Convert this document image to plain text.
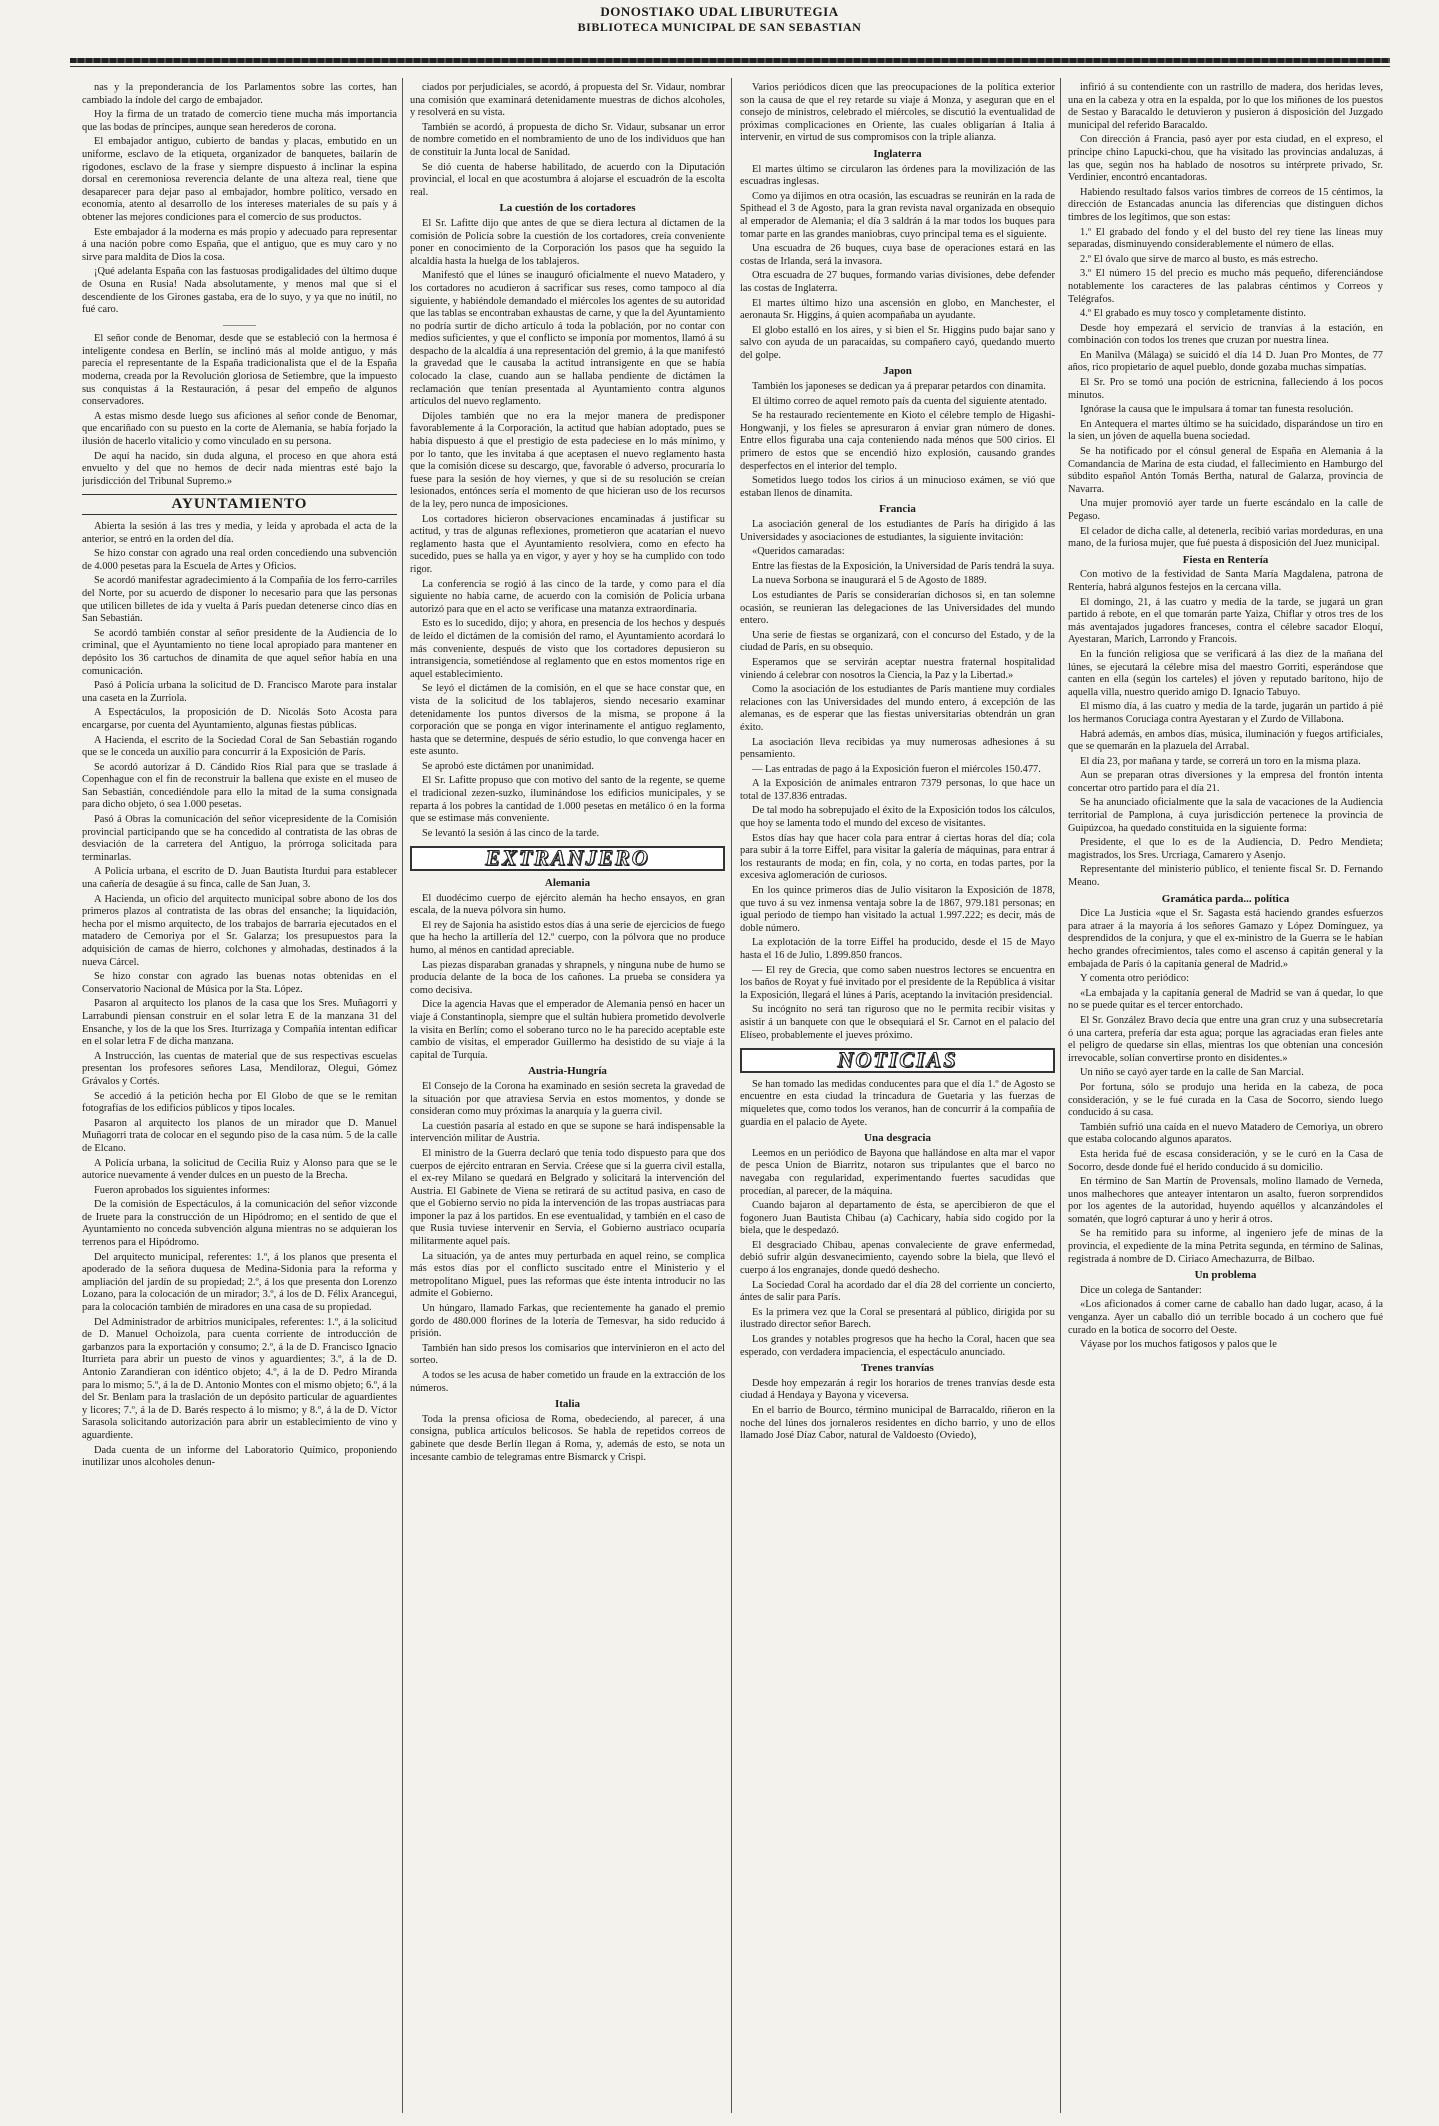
DONOSTIAKO UDAL LIBURUTEGIA
BIBLIOTECA MUNICIPAL DE SAN SEBASTIAN

nas y la preponderancia de los Parlamentos sobre las cortes, han cambiado la índole del cargo de embajador.

Hoy la firma de un tratado de comercio tiene mucha más importancia que las bodas de príncipes, aunque sean herederos de corona.

El embajador antiguo, cubierto de bandas y placas, embutido en un uniforme, esclavo de la etiqueta, organizador de banquetes, bailarín de rigodones, esclavo de la frase y siempre dispuesto á inclinar la espina dorsal en ceremoniosa reverencia delante de una alteza real, tiene que desaparecer para dejar paso al embajador, hombre político, versado en economía, atento al desarrollo de los intereses materiales de su país y á obtener las mejores condiciones para el comercio de sus productos.

Este embajador á la moderna es más propio y adecuado para representar á una nación pobre como España, que el antiguo, que es muy caro y no sirve para maldita de Dios la cosa.

¡Qué adelanta España con las fastuosas prodigalidades del último duque de Osuna en Rusia! Nada absolutamente, y menos mal que si el descendiente de los Girones gastaba, era de lo suyo, y ya que no inútil, no fué caro.

———

El señor conde de Benomar, desde que se estableció con la hermosa é inteligente condesa en Berlín, se inclinó más al molde antiguo, y más parecía el representante de la España tradicionalista que el de la España moderna, creada por la Revolución gloriosa de Setiembre, que la impuesto sus conquistas á la Restauración, á pesar del empeño de algunos conservadores.

A estas mismo desde luego sus aficiones al señor conde de Benomar, que encariñado con su puesto en la corte de Alemania, se había forjado la ilusión de hacerlo vitalicio y como vinculado en su persona.

De aquí ha nacido, sin duda alguna, el proceso en que ahora está envuelto y del que no hemos de decir nada mientras esté bajo la jurisdicción del Tribunal Supremo.»

AYUNTAMIENTO

Abierta la sesión á las tres y media, y leída y aprobada el acta de la anterior, se entró en la orden del día.

Se hizo constar con agrado una real orden concediendo una subvención de 4.000 pesetas para la Escuela de Artes y Oficios.

Se acordó manifestar agradecimiento á la Compañía de los ferro-carriles del Norte, por su acuerdo de disponer lo necesario para que las personas que utilicen billetes de ida y vuelta á París puedan detenerse cinco días en San Sebastián.

Se acordó también constar al señor presidente de la Audiencia de lo criminal, que el Ayuntamiento no tiene local apropiado para mantener en depósito los 36 cartuchos de dinamita de que aquel señor había en una comunicación.

Pasó á Policía urbana la solicitud de D. Francisco Marote para instalar una caseta en la Zurriola.

A Espectáculos, la proposición de D. Nicolás Soto Acosta para encargarse, por cuenta del Ayuntamiento, algunas fiestas públicas.

A Hacienda, el escrito de la Sociedad Coral de San Sebastián rogando que se le conceda un auxilio para concurrir á la Exposición de París.

Se acordó autorizar á D. Cándido Ríos Rial para que se traslade á Copenhague con el fin de reconstruir la ballena que existe en el museo de San Sebastián, concediéndole para ello la mitad de la suma consignada para dicho objeto, ó sea 1.000 pesetas.

Pasó á Obras la comunicación del señor vicepresidente de la Comisión provincial participando que se ha concedido al contratista de las obras de desviación de la carretera del Antiguo, la prórroga solicitada para terminarlas.

A Policía urbana, el escrito de D. Juan Bautista Iturdui para establecer una cañería de desagüe á su finca, calle de San Juan, 3.

A Hacienda, un oficio del arquitecto municipal sobre abono de los dos primeros plazos al contratista de las obras del ensanche; la liquidación, hecha por el mismo arquitecto, de los trabajos de barraria ejecutados en el matadero de Cemoriya por el Sr. Galarza; los presupuestos para la adquisición de camas de hierro, colchones y almohadas, destinados á la nueva Cárcel.

Se hizo constar con agrado las buenas notas obtenidas en el Conservatorio Nacional de Música por la Sta. López.

Pasaron al arquitecto los planos de la casa que los Sres. Muñagorri y Larrabundi piensan construir en el solar letra E de la manzana 31 del Ensanche, y los de la que los Sres. Iturrizaga y Compañía intentan edificar en el solar letra F de dicha manzana.

A Instrucción, las cuentas de material que de sus respectivas escuelas presentan los profesores señores Lasa, Mendiloraz, Olegui, Gómez Grávalos y Cortés.

Se accedió á la petición hecha por El Globo de que se le remitan fotografías de los edificios públicos y tipos locales.

Pasaron al arquitecto los planos de un mirador que D. Manuel Muñagorri trata de colocar en el segundo piso de la casa núm. 5 de la calle de Elcano.

A Policía urbana, la solicitud de Cecilia Ruiz y Alonso para que se le autorice nuevamente á vender dulces en un puesto de la Brecha.

Fueron aprobados los siguientes informes:

De la comisión de Espectáculos, á la comunicación del señor vizconde de Iruete para la construcción de un Hipódromo; en el sentido de que el Ayuntamiento no conceda subvención alguna mientras no se adquieran los terrenos para el Hipódromo.

Del arquitecto municipal, referentes: 1.º, á los planos que presenta el apoderado de la señora duquesa de Medina-Sidonia para la reforma y ampliación del jardín de su propiedad; 2.º, á los que presenta don Lorenzo Lozano, para la colocación de un mirador; 3.º, á los de D. Félix Arancegui, para la colocación también de miradores en una casa de su propiedad.

Del Administrador de arbitrios municipales, referentes: 1.º, á la solicitud de D. Manuel Ochoizola, para cuenta corriente de introducción de garbanzos para la exportación y consumo; 2.º, á la de D. Francisco Ignacio Iturrieta para abrir un puesto de vinos y aguardientes; 3.º, á la de D. Antonio Zarandieran con idéntico objeto; 4.º, á la de D. Pedro Miranda para lo mismo; 5.º, á la de D. Antonio Montes con el mismo objeto; 6.º, á la del Sr. Benlam para la traslación de un depósito particular de aguardientes y licores; 7.º, á la de D. Barés respecto á lo mismo; y 8.º, á la de D. Víctor Sarasola solicitando autorización para abrir un establecimiento de vino y aguardiente.

Dada cuenta de un informe del Laboratorio Químico, proponiendo inutilizar unos alcoholes denun-

ciados por perjudiciales, se acordó, á propuesta del Sr. Vidaur, nombrar una comisión que examinará detenidamente muestras de dichos alcoholes, y resolverá en su vista.

También se acordó, á propuesta de dicho Sr. Vidaur, subsanar un error de nombre cometido en el nombramiento de uno de los individuos que han de constituir la Junta local de Sanidad.

Se dió cuenta de haberse habilitado, de acuerdo con la Diputación provincial, el local en que acostumbra á alojarse el escuadrón de la escolta real.

La cuestión de los cortadores

El Sr. Lafitte dijo que antes de que se diera lectura al dictamen de la comisión de Policía sobre la cuestión de los cortadores, creía conveniente poner en conocimiento de la Corporación los pasos que ha seguido la alcaldía hasta la huelga de los tablajeros.

Manifestó que el lúnes se inauguró oficialmente el nuevo Matadero, y los cortadores no acudieron á sacrificar sus reses, como tampoco al día siguiente, y habiéndole demandado el miércoles los agentes de su autoridad que las tablas se encontraban exhaustas de carne, y que la del Ayuntamiento no podría surtir de dicho artículo á toda la población, por no contar con medios suficientes, y que el conflicto se imponía por momentos, llamó á su despacho de la alcaldía á una representación del gremio, á la que manifestó la gravedad que le causaba la actitud intransigente en que se había colocado la clase, cuando aun se hallaba pendiente de dictámen la reclamación que tenían presentada al Ayuntamiento contra algunos artículos del nuevo reglamento.

Díjoles también que no era la mejor manera de predisponer favorablemente á la Corporación, la actitud que habían adoptado, pues se había dispuesto á que el prestigio de esta padeciese en lo más mínimo, y por lo tanto, que les invitaba á que aceptasen el nuevo reglamento hasta que la comisión dicese su descargo, que, favorable ó adverso, procuraría lo fuese para la sesión de hoy viernes, y que si de su resolución se creían lesionados, entónces sería el momento de que hicieran uso de los recursos de la ley, pero nunca de imposiciones.

Los cortadores hicieron observaciones encaminadas á justificar su actitud, y tras de algunas reflexiones, prometieron que acatarían el nuevo reglamento hasta que el Ayuntamiento resolviera, como en efecto ha sucedido, pues se halla ya en vigor, y ayer y hoy se ha cumplido con todo rigor.

La conferencia se rogió á las cinco de la tarde, y como para el día siguiente no había carne, de acuerdo con la comisión de Policía urbana autorizó para que en el acto se verificase una matanza extraordinaria.

Esto es lo sucedido, dijo; y ahora, en presencia de los hechos y después de leído el dictámen de la comisión del ramo, el Ayuntamiento acordará lo más conveniente, después de visto que los cortadores depusieron su intransigencia, sometiéndose al reglamento que en estos momentos rige en aquel establecimiento.

Se leyó el dictámen de la comisión, en el que se hace constar que, en vista de la solicitud de los tablajeros, siendo necesario examinar detenidamente los puntos diversos de la misma, se propone á la corporación que se ponga en vigor interinamente el antiguo reglamento, hasta que se determine, después de sério estudio, lo que convenga hacer en este asunto.

Se aprobó este dictámen por unanimidad.

El Sr. Lafitte propuso que con motivo del santo de la regente, se queme el tradicional zezen-suzko, iluminándose los edificios municipales, y se reparta á los pobres la cantidad de 1.000 pesetas en metálico ó en la forma que se estimase más conveniente.

Se levantó la sesión á las cinco de la tarde.

EXTRANJERO
Alemania

El duodécimo cuerpo de ejército alemán ha hecho ensayos, en gran escala, de la nueva pólvora sin humo.

El rey de Sajonia ha asistido estos días á una serie de ejercicios de fuego que ha hecho la artillería del 12.º cuerpo, con la pólvora que no produce humo, al ménos en cantidad apreciable.

Las piezas disparaban granadas y shrapnels, y ninguna nube de humo se producía delante de la boca de los cañones. La prueba se considera ya como decisiva.

Dice la agencia Havas que el emperador de Alemania pensó en hacer un viaje á Constantinopla, siempre que el sultán hubiera prometido devolverle la visita en Berlín; como el soberano turco no le ha parecido aceptable este cambio de visitas, el emperador Guillermo ha desistido de su viaje á la capital de Turquía.

Austria-Hungría

El Consejo de la Corona ha examinado en sesión secreta la gravedad de la situación por que atraviesa Servia en estos momentos, y donde se consideran como muy próximas la anarquía y la guerra civil.

La cuestión pasaría al estado en que se supone se hará indispensable la intervención militar de Austria.

El ministro de la Guerra declaró que tenía todo dispuesto para que dos cuerpos de ejército entraran en Servia. Créese que si la guerra civil estalla, el ex-rey Milano se quedará en Belgrado y solicitará la intervención del Austria. El Gabinete de Viena se retirará de su actitud pasiva, en caso de que el Gobierno servio no pida la intervención de las tropas austriacas para imponer la paz á los partidos. En ese eventualidad, y también en el caso de que Rusia tuviese intervenir en Servia, el Gobierno austriaco ocuparía militarmente aquel país.

La situación, ya de antes muy perturbada en aquel reino, se complica más estos días por el conflicto suscitado entre el Ministerio y el metropolitano Miguel, pues las reformas que éste intenta introducir no las admite el Gobierno.

Un húngaro, llamado Farkas, que recientemente ha ganado el premio gordo de 480.000 florines de la lotería de Temesvar, ha sido reducido á prisión.

También han sido presos los comisarios que intervinieron en el acto del sorteo.

A todos se les acusa de haber cometido un fraude en la extracción de los números.

Italia

Toda la prensa oficiosa de Roma, obedeciendo, al parecer, á una consigna, publica artículos belicosos. Se habla de repetidos correos de gabinete que desde Berlín llegan á Roma, y, además de esto, se nota un incesante cambio de telegramas entre Bismarck y Crispi.

Varios periódicos dicen que las preocupaciones de la política exterior son la causa de que el rey retarde su viaje á Monza, y aseguran que en el consejo de ministros, celebrado el miércoles, se discutió la eventualidad de próximas complicaciones en Oriente, las cuales obligarían á Italia á intervenir, en virtud de sus compromisos con la triple alianza.

Inglaterra

El martes último se circularon las órdenes para la movilización de las escuadras inglesas.

Como ya dijimos en otra ocasión, las escuadras se reunirán en la rada de Spithead el 3 de Agosto, para la gran revista naval organizada en obsequio al emperador de Alemania; el día 3 saldrán á la mar todos los buques para tomar parte en las grandes maniobras, cuyo principal tema es el siguiente.

Una escuadra de 26 buques, cuya base de operaciones estará en las costas de Irlanda, será la invasora.

Otra escuadra de 27 buques, formando varias divisiones, debe defender las costas de Inglaterra.

El martes último hizo una ascensión en globo, en Manchester, el aeronauta Sr. Higgins, á quien acompañaba un ayudante.

El globo estalló en los aires, y si bien el Sr. Higgins pudo bajar sano y salvo con ayuda de un paracaídas, su compañero cayó, quedando muerto del golpe.

Japon

También los japoneses se dedican ya á preparar petardos con dinamita.

El último correo de aquel remoto país da cuenta del siguiente atentado.

Se ha restaurado recientemente en Kioto el célebre templo de Higashi-Hongwanji, y los fieles se apresuraron á enviar gran número de dones. Entre ellos figuraba una caja conteniendo nada ménos que 500 cirios. El primero de estos que se encendió hizo explosión, causando grandes desperfectos en el interior del templo.

Sometidos luego todos los cirios á un minucioso exámen, se vió que estaban llenos de dinamita.

Francia

La asociación general de los estudiantes de París ha dirigido á las Universidades y asociaciones de estudiantes, la siguiente invitación:

«Queridos camaradas:

Entre las fiestas de la Exposición, la Universidad de París tendrá la suya.

La nueva Sorbona se inaugurará el 5 de Agosto de 1889.

Los estudiantes de París se considerarían dichosos si, en tan solemne ocasión, se reunieran las delegaciones de las Universidades del mundo entero.

Una serie de fiestas se organizará, con el concurso del Estado, y de la ciudad de París, en su obsequio.

Esperamos que se servirán aceptar nuestra fraternal hospitalidad viniendo á celebrar con nosotros la Ciencia, la Paz y la Libertad.»

Como la asociación de los estudiantes de París mantiene muy cordiales relaciones con las Universidades del mundo entero, á excepción de las alemanas, es de esperar que las fiestas universitarias obtendrán un gran éxito.

La asociación lleva recibidas ya muy numerosas adhesiones á su pensamiento.

— Las entradas de pago á la Exposición fueron el miércoles 150.477.

A la Exposición de animales entraron 7379 personas, lo que hace un total de 137.836 entradas.

De tal modo ha sobrepujado el éxito de la Exposición todos los cálculos, que hoy se lamenta todo el mundo del exceso de visitantes.

Estos días hay que hacer cola para entrar á ciertas horas del día; cola para subir á la torre Eiffel, para visitar la galería de máquinas, para entrar á los restaurants de moda; en fin, cola, y no corta, en todas partes, por la excesiva aglomeración de curiosos.

En los quince primeros días de Julio visitaron la Exposición de 1878, que tuvo á su vez inmensa ventaja sobre la de 1867, 979.181 personas; en igual periodo de tiempo han visitado la actual 1.997.222; es decir, más de doble número.

La explotación de la torre Eiffel ha producido, desde el 15 de Mayo hasta el 16 de Julio, 1.899.850 francos.

— El rey de Grecia, que como saben nuestros lectores se encuentra en los baños de Royat y fué invitado por el presidente de la República á visitar la Exposición, llegará el lúnes á París, aceptando la invitación presidencial.

Su incógnito no será tan riguroso que no le permita recibir visitas y asistir á un banquete con que le obsequiará el Sr. Carnot en el palacio del Elíseo, probablemente el jueves próximo.

NOTICIAS

Se han tomado las medidas conducentes para que el día 1.º de Agosto se encuentre en esta ciudad la trincadura de Guetaria y las fuerzas de miqueletes que, como todos los veranos, han de concurrir á la compañía de guardia en el palacio de Ayete.

Una desgracia

Leemos en un periódico de Bayona que hallándose en alta mar el vapor de pesca Union de Biarritz, notaron sus tripulantes que el barco no navegaba con regularidad, experimentando fuertes sacudidas que procedían, al parecer, de la máquina.

Cuando bajaron al departamento de ésta, se apercibieron de que el fogonero Juan Bautista Chibau (a) Cachicary, había sido cogido por la biela, que le despedazó.

El desgraciado Chibau, apenas convaleciente de grave enfermedad, debió sufrir algún desvanecimiento, cayendo sobre la biela, que llevó el cuerpo á los engranajes, donde quedó deshecho.

La Sociedad Coral ha acordado dar el día 28 del corriente un concierto, ántes de salir para París.

Es la primera vez que la Coral se presentará al público, dirigida por su ilustrado director señor Barech.

Los grandes y notables progresos que ha hecho la Coral, hacen que sea esperado, con verdadera impaciencia, el espectáculo anunciado.

Trenes tranvías

Desde hoy empezarán á regir los horarios de trenes tranvías desde esta ciudad á Hendaya y Bayona y viceversa.

En el barrio de Bourco, término municipal de Barracaldo, riñeron en la noche del lúnes dos jornaleros residentes en dicho barrio, y uno de ellos llamado José Díaz Cabor, natural de Valdoesto (Oviedo),

infirió á su contendiente con un rastrillo de madera, dos heridas leves, una en la cabeza y otra en la espalda, por lo que los miñones de los puestos de Sestao y Baracaldo le detuvieron y pusieron á disposición del Juzgado municipal del referido Baracaldo.

Con dirección á Francia, pasó ayer por esta ciudad, en el expreso, el príncipe chino Lapucki-chou, que ha visitado las provincias andaluzas, á las que, según nos ha hablado de nosotros su intérprete privado, Sr. Verdinier, encontró encantadoras.

Habiendo resultado falsos varios timbres de correos de 15 céntimos, la dirección de Estancadas anuncia las diferencias que distinguen dichos timbres de los legítimos, que son estas:

1.º El grabado del fondo y el del busto del rey tiene las líneas muy separadas, disminuyendo considerablemente el número de ellas.

2.º El óvalo que sirve de marco al busto, es más estrecho.

3.º El número 15 del precio es mucho más pequeño, diferenciándose notablemente los caracteres de las palabras céntimos y Correos y Telégrafos.

4.º El grabado es muy tosco y completamente distinto.

Desde hoy empezará el servicio de tranvías á la estación, en combinación con todos los trenes que cruzan por nuestra línea.

En Manilva (Málaga) se suicidó el día 14 D. Juan Pro Montes, de 77 años, rico propietario de aquel pueblo, donde gozaba muchas simpatías.

El Sr. Pro se tomó una poción de estricnina, falleciendo á los pocos minutos.

Ignórase la causa que le impulsara á tomar tan funesta resolución.

En Antequera el martes último se ha suicidado, disparándose un tiro en la sien, un jóven de aquella buena sociedad.

Se ha notificado por el cónsul general de España en Alemania á la Comandancia de Marina de esta ciudad, el fallecimiento en Hamburgo del súbdito español Antón Tomás Bertha, natural de Galarza, provincia de Navarra.

Una mujer promovió ayer tarde un fuerte escándalo en la calle de Pegaso.

El celador de dicha calle, al detenerla, recibió varias mordeduras, en una mano, de la furiosa mujer, que fué puesta á disposición del Juez municipal.

Fiesta en Rentería

Con motivo de la festividad de Santa María Magdalena, patrona de Rentería, habrá algunos festejos en la cercana villa.

El domingo, 21, á las cuatro y media de la tarde, se jugará un gran partido á rebote, en el que tomarán parte Yaiza, Chiflar y otros tres de los más aventajados jugadores franceses, contra el célebre sacador Eloquí, Ayestaran, Marich, Larrondo y Francois.

En la función religiosa que se verificará á las diez de la mañana del lúnes, se ejecutará la célebre misa del maestro Gorriti, esperándose que canten en ella (según los carteles) el jóven y reputado barítono, hijo de aquella villa, nuestro querido amigo D. Ignacio Tabuyo.

El mismo día, á las cuatro y media de la tarde, jugarán un partido á pié los hermanos Coruciaga contra Ayestaran y el Zurdo de Villabona.

Habrá además, en ambos días, música, iluminación y fuegos artificiales, que se quemarán en la plazuela del Arrabal.

El día 23, por mañana y tarde, se correrá un toro en la misma plaza.

Aun se preparan otras diversiones y la empresa del frontón intenta concertar otro partido para el día 21.

Se ha anunciado oficialmente que la sala de vacaciones de la Audiencia territorial de Pamplona, á cuya jurisdicción pertenece la provincia de Guipúzcoa, ha quedado constituida en la siguiente forma:

Presidente, el que lo es de la Audiencia, D. Pedro Mendieta; magistrados, los Sres. Urcriaga, Camarero y Asenjo.

Representante del ministerio público, el teniente fiscal Sr. D. Fernando Meano.

Gramática parda... política

Dice La Justicia «que el Sr. Sagasta está haciendo grandes esfuerzos para atraer á la mayoría á los señores Gamazo y López Domínguez, ya desprendidos de la conjura, y que el ex-ministro de la Guerra se le habían hecho grandes ofrecimientos, tales como el ascenso á capitán general y la embajada de París ó la capitanía general de Madrid.»

Y comenta otro periódico:

«La embajada y la capitanía general de Madrid se van á quedar, lo que no se puede quitar es el tercer entorchado.

El Sr. González Bravo decía que entre una gran cruz y una subsecretaría ó una cartera, prefería dar esta agua; porque las agraciadas eran fieles ante el peligro de quedarse sin ellas, mientras los que obtenían una concesión irrevocable, solían convertirse pronto en disidentes.»

Un niño se cayó ayer tarde en la calle de San Marcial.

Por fortuna, sólo se produjo una herida en la cabeza, de poca consideración, y se le fué curada en la Casa de Socorro, siendo luego conducido á su casa.

También sufrió una caída en el nuevo Matadero de Cemoriya, un obrero que estaba colocando algunos aparatos.

Esta herida fué de escasa consideración, y se le curó en la Casa de Socorro, desde donde fué el herido conducido á su domicilio.

En término de San Martín de Provensals, molino llamado de Verneda, unos malhechores que anteayer intentaron un asalto, fueron sorprendidos por los agentes de la autoridad, huyendo aquéllos y alcanzándoles el somatén, que logró capturar á uno y herir á otros.

Se ha remitido para su informe, al ingeniero jefe de minas de la provincia, el expediente de la mina Petrita segunda, en término de Salinas, registrada á nombre de D. Ciriaco Amechazurra, de Bilbao.

Un problema

Dice un colega de Santander:

«Los aficionados á comer carne de caballo han dado lugar, acaso, á la venganza. Ayer un caballo dió un terrible bocado á un cochero que fué curado en la botica de socorro del Oeste.

Váyase por los muchos fatigosos y palos que le
